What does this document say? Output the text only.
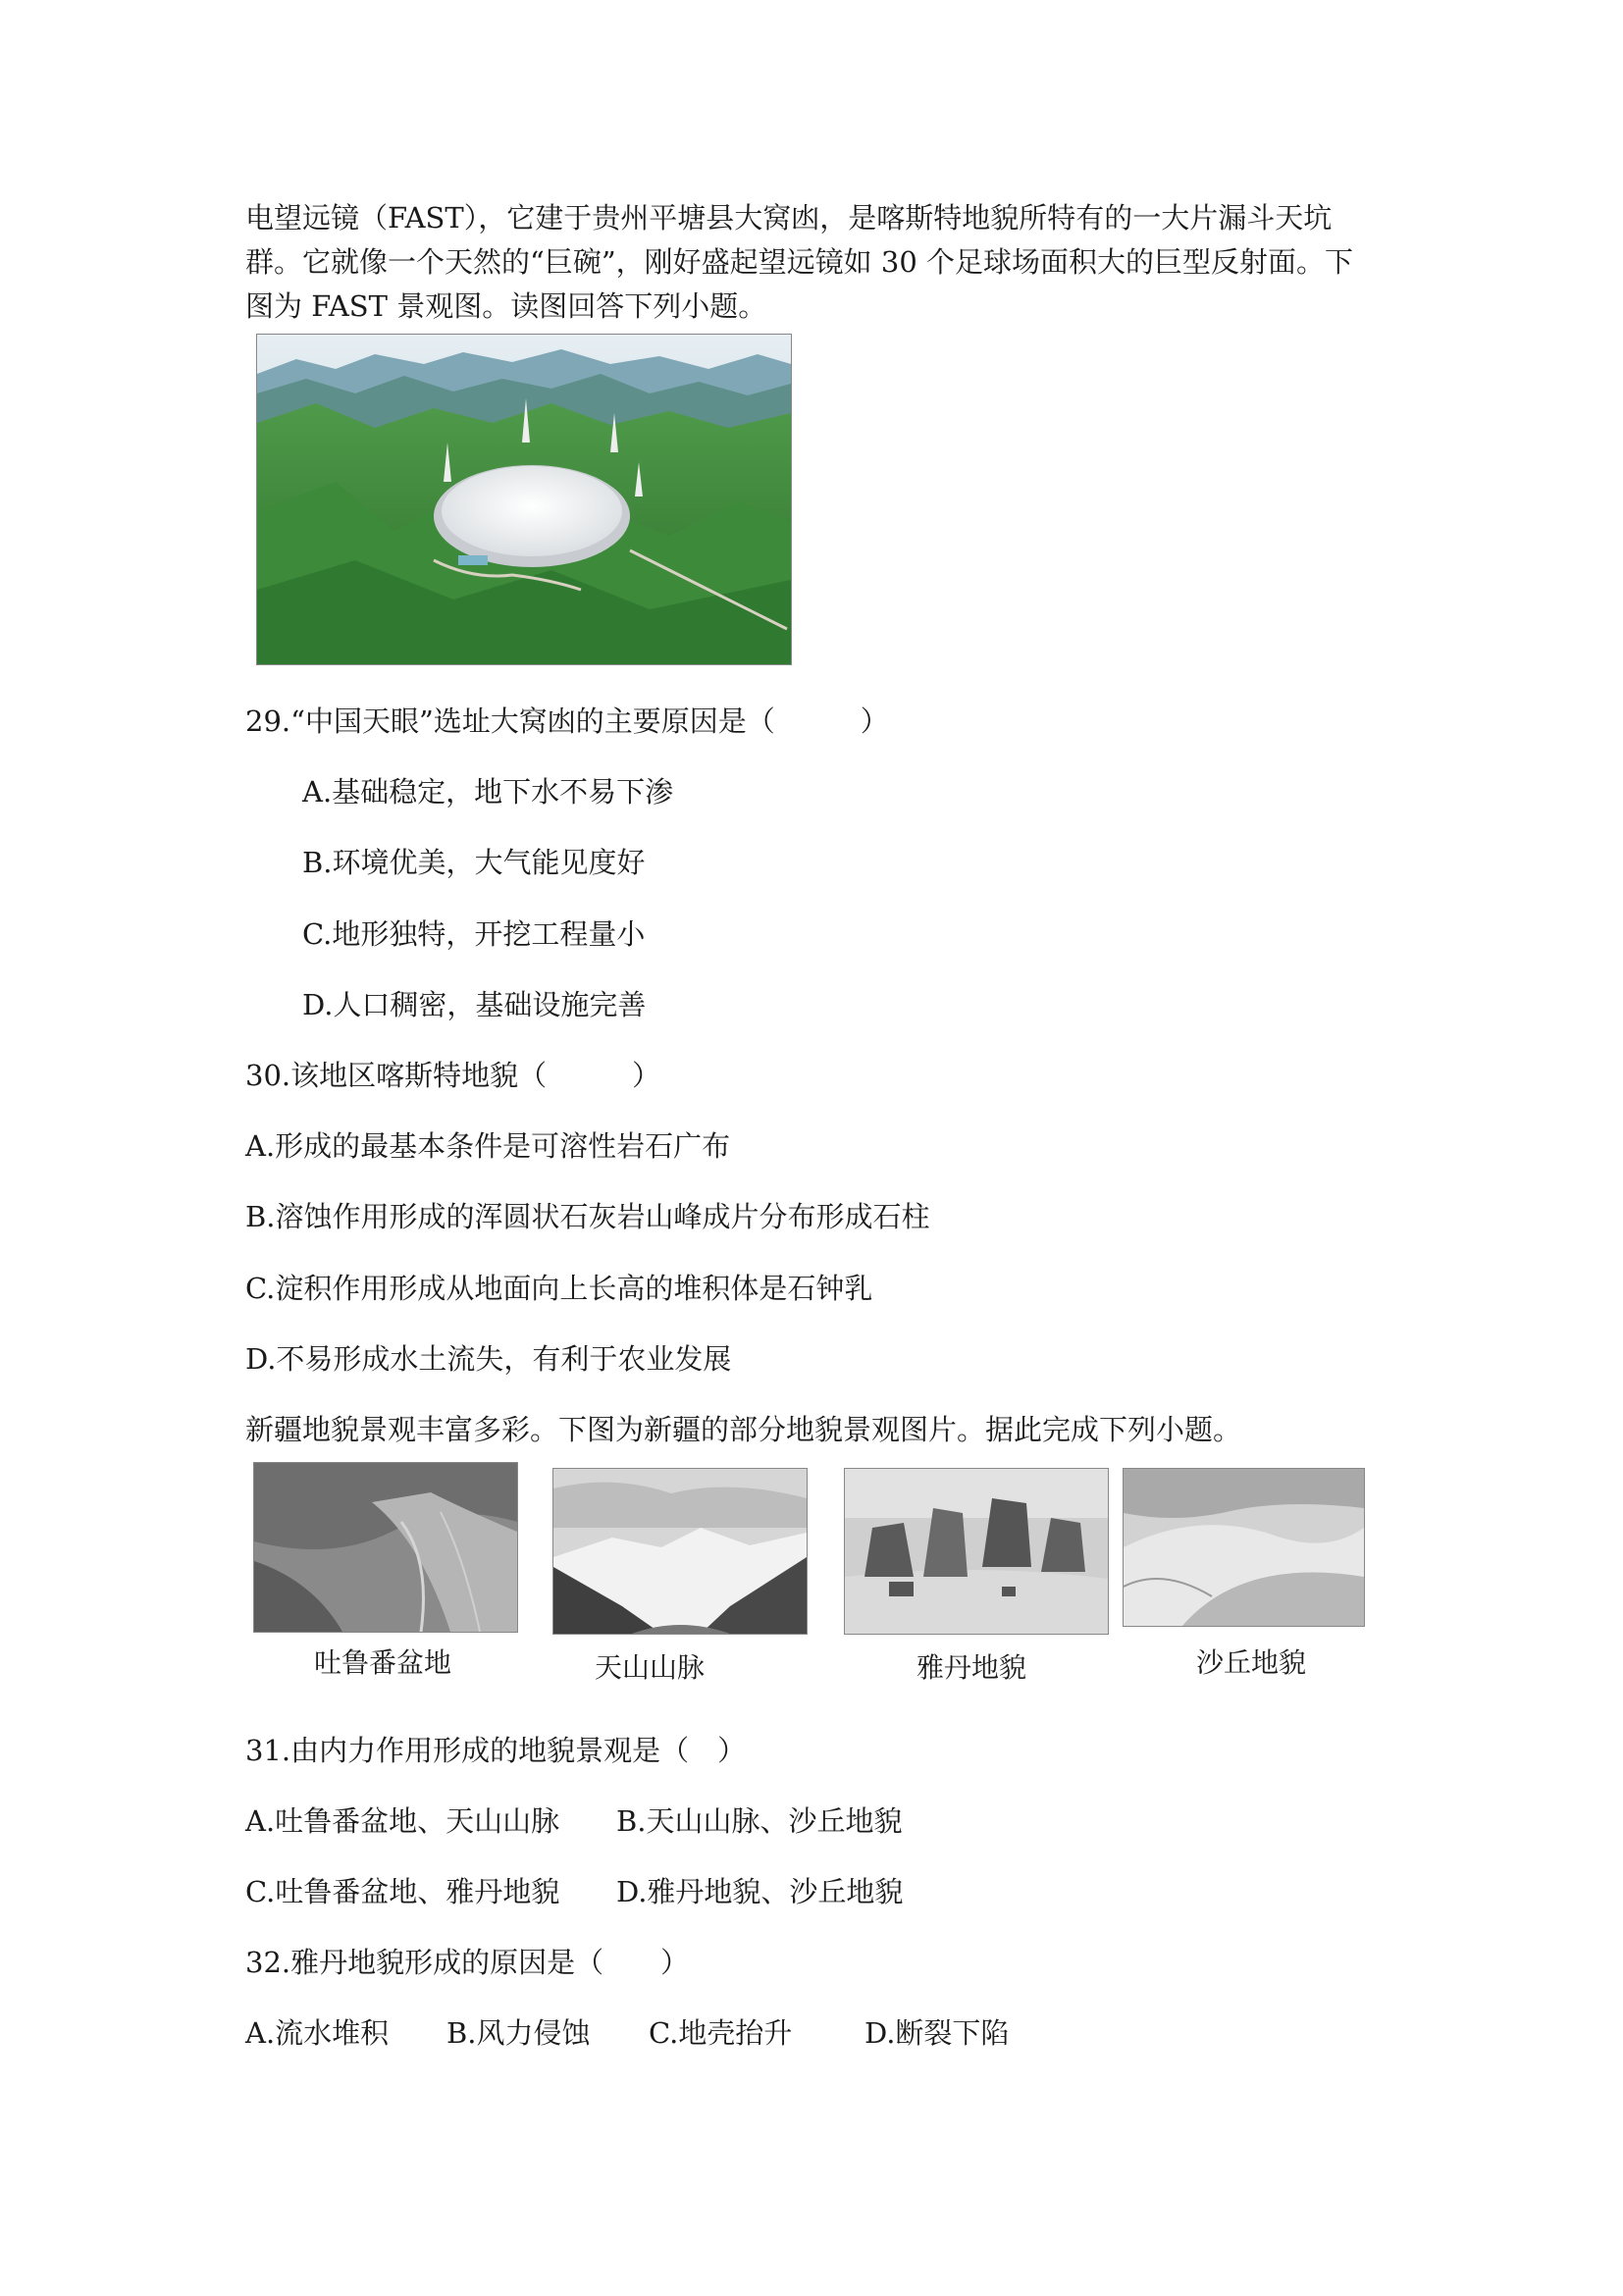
电望远镜（FAST），它建于贵州平塘县大窝凼，是喀斯特地貌所特有的一大片漏斗天坑
群。它就像一个天然的“巨碗”，刚好盛起望远镜如 30 个足球场面积大的巨型反射面。下
图为 FAST 景观图。读图回答下列小题。
29.“中国天眼”选址大窝凼的主要原因是（　　　）
A.基础稳定，地下水不易下渗
B.环境优美，大气能见度好
C.地形独特，开挖工程量小
D.人口稠密，基础设施完善
30.该地区喀斯特地貌（　　　）
A.形成的最基本条件是可溶性岩石广布
B.溶蚀作用形成的浑圆状石灰岩山峰成片分布形成石柱
C.淀积作用形成从地面向上长高的堆积体是石钟乳
D.不易形成水土流失，有利于农业发展
新疆地貌景观丰富多彩。下图为新疆的部分地貌景观图片。据此完成下列小题。
吐鲁番盆地	天山山脉	雅丹地貌	沙丘地貌
31.由内力作用形成的地貌景观是（　）
A.吐鲁番盆地、天山山脉 B.天山山脉、沙丘地貌
C.吐鲁番盆地、雅丹地貌 D.雅丹地貌、沙丘地貌
32.雅丹地貌形成的原因是（　　）
A.流水堆积 B.风力侵蚀 C.地壳抬升	D.断裂下陷
